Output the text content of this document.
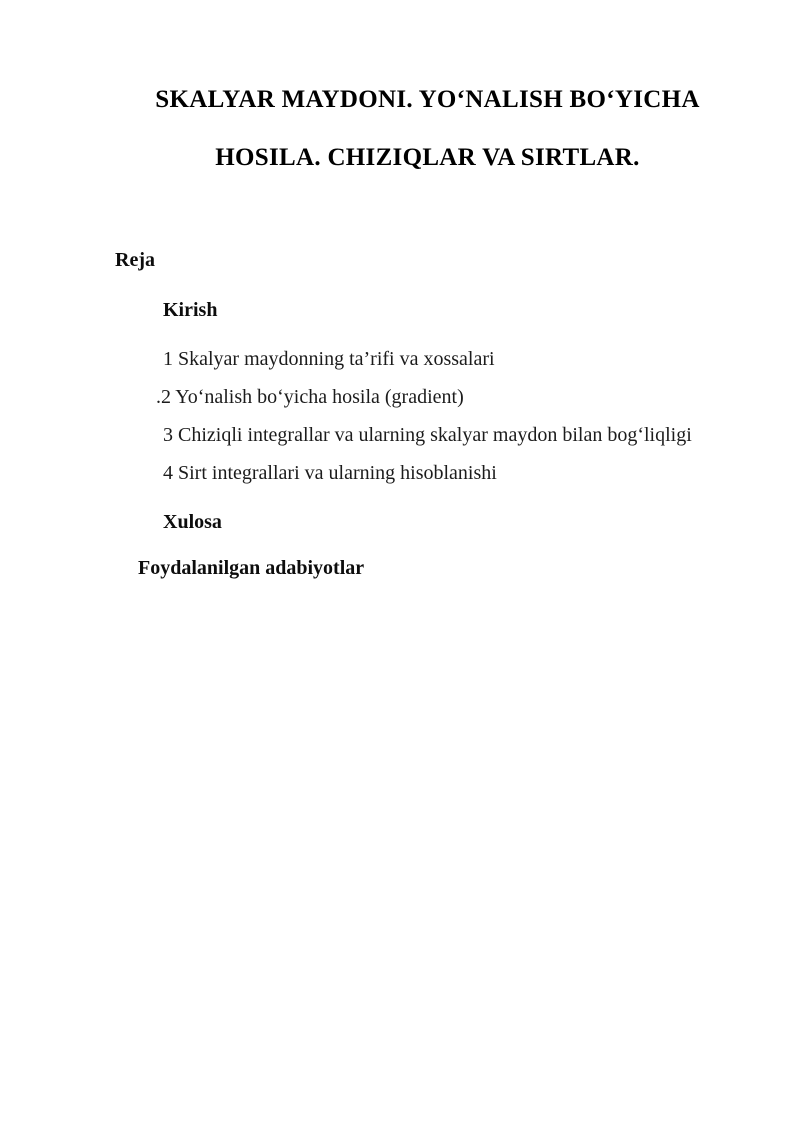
SKALYAR MAYDONI. YO‘NALISH BO‘YICHA
HOSILA. CHIZIQLAR VA SIRTLAR.

Reja

Kirish

1 Skalyar maydonning ta’rifi va xossalari

.2 Yo‘nalish bo‘yicha hosila (gradient)

3 Chiziqli integrallar va ularning skalyar maydon bilan bog‘liqligi

4 Sirt integrallari va ularning hisoblanishi

Xulosa

Foydalanilgan adabiyotlar
